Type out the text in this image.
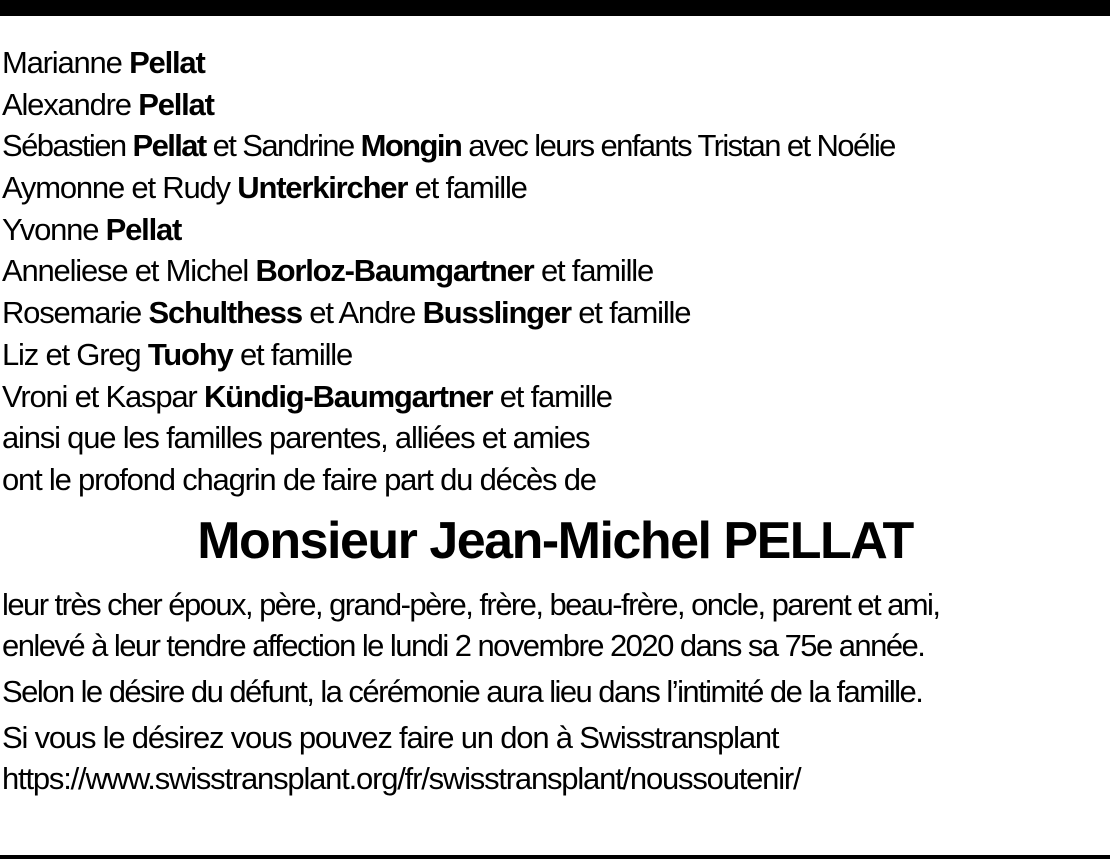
Marianne Pellat
Alexandre Pellat
Sébastien Pellat et Sandrine Mongin avec leurs enfants Tristan et Noélie
Aymonne et Rudy Unterkircher et famille
Yvonne Pellat
Anneliese et Michel Borloz-Baumgartner et famille
Rosemarie Schulthess et Andre Busslinger et famille
Liz et Greg Tuohy et famille
Vroni et Kaspar Kündig-Baumgartner et famille
ainsi que les familles parentes, alliées et amies
ont le profond chagrin de faire part du décès de
Monsieur Jean-Michel PELLAT
leur très cher époux, père, grand-père, frère, beau-frère, oncle, parent et ami,
enlevé à leur tendre affection le lundi 2 novembre 2020 dans sa 75e année.
Selon le désire du défunt, la cérémonie aura lieu dans l’intimité de la famille.
Si vous le désirez vous pouvez faire un don à Swisstransplant
https://www.swisstransplant.org/fr/swisstransplant/noussoutenir/
